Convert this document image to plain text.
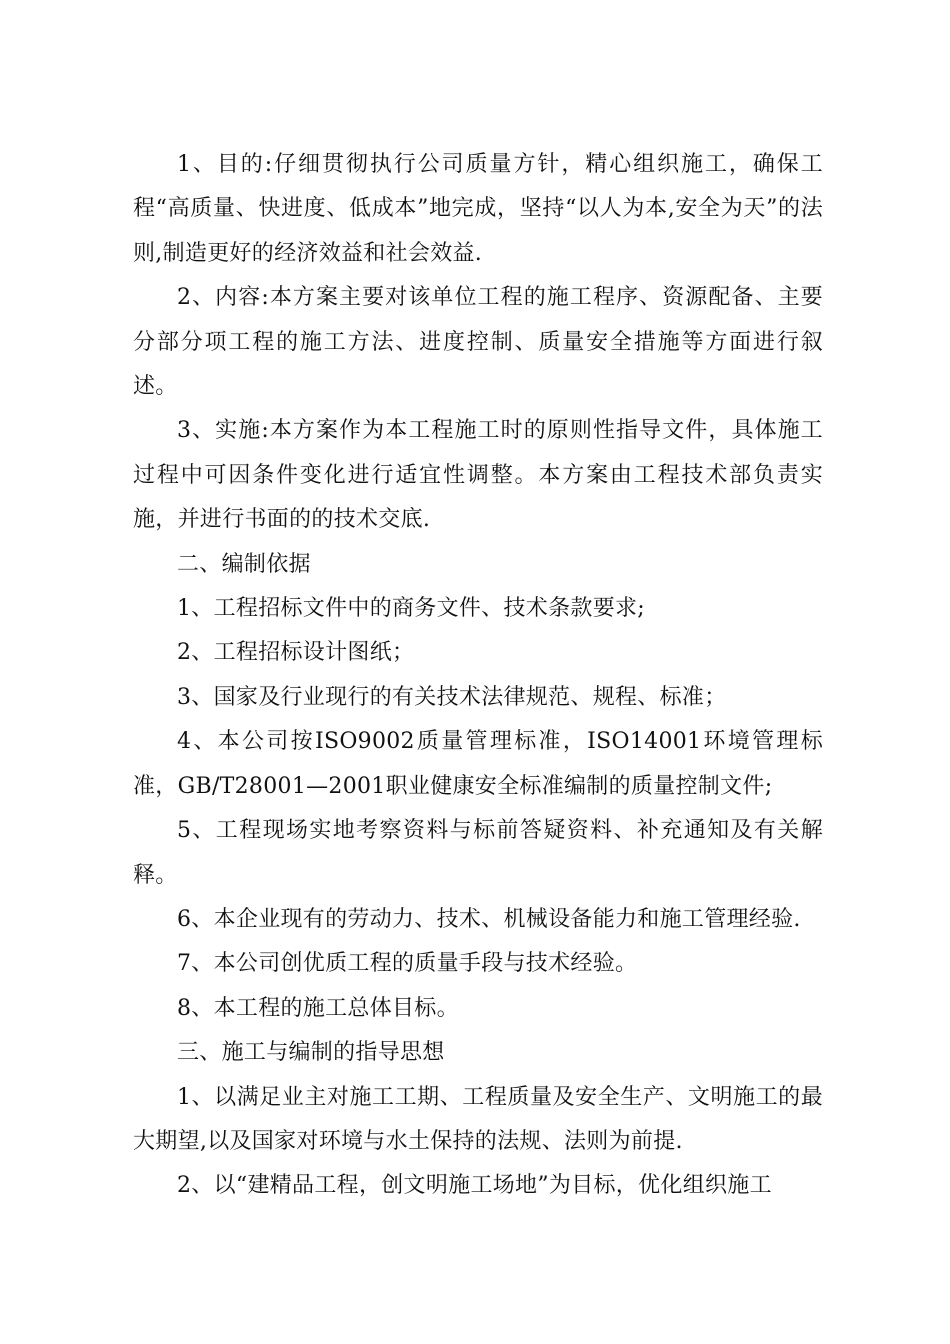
1、目的:仔细贯彻执行公司质量方针，精心组织施工，确保工程“高质量、快进度、低成本”地完成，坚持“以人为本,安全为天”的法则,制造更好的经济效益和社会效益.

2、内容:本方案主要对该单位工程的施工程序、资源配备、主要分部分项工程的施工方法、进度控制、质量安全措施等方面进行叙述。

3、实施:本方案作为本工程施工时的原则性指导文件，具体施工过程中可因条件变化进行适宜性调整。本方案由工程技术部负责实施，并进行书面的的技术交底.

二、编制依据

1、工程招标文件中的商务文件、技术条款要求;

2、工程招标设计图纸；

3、国家及行业现行的有关技术法律规范、规程、标准；

4、本公司按ISO9002质量管理标准，ISO14001环境管理标准，GB/T28001—2001职业健康安全标准编制的质量控制文件;

5、工程现场实地考察资料与标前答疑资料、补充通知及有关解释。

6、本企业现有的劳动力、技术、机械设备能力和施工管理经验.

7、本公司创优质工程的质量手段与技术经验。

8、本工程的施工总体目标。

三、施工与编制的指导思想

1、以满足业主对施工工期、工程质量及安全生产、文明施工的最大期望,以及国家对环境与水土保持的法规、法则为前提.

2、以“建精品工程，创文明施工场地”为目标，优化组织施工
